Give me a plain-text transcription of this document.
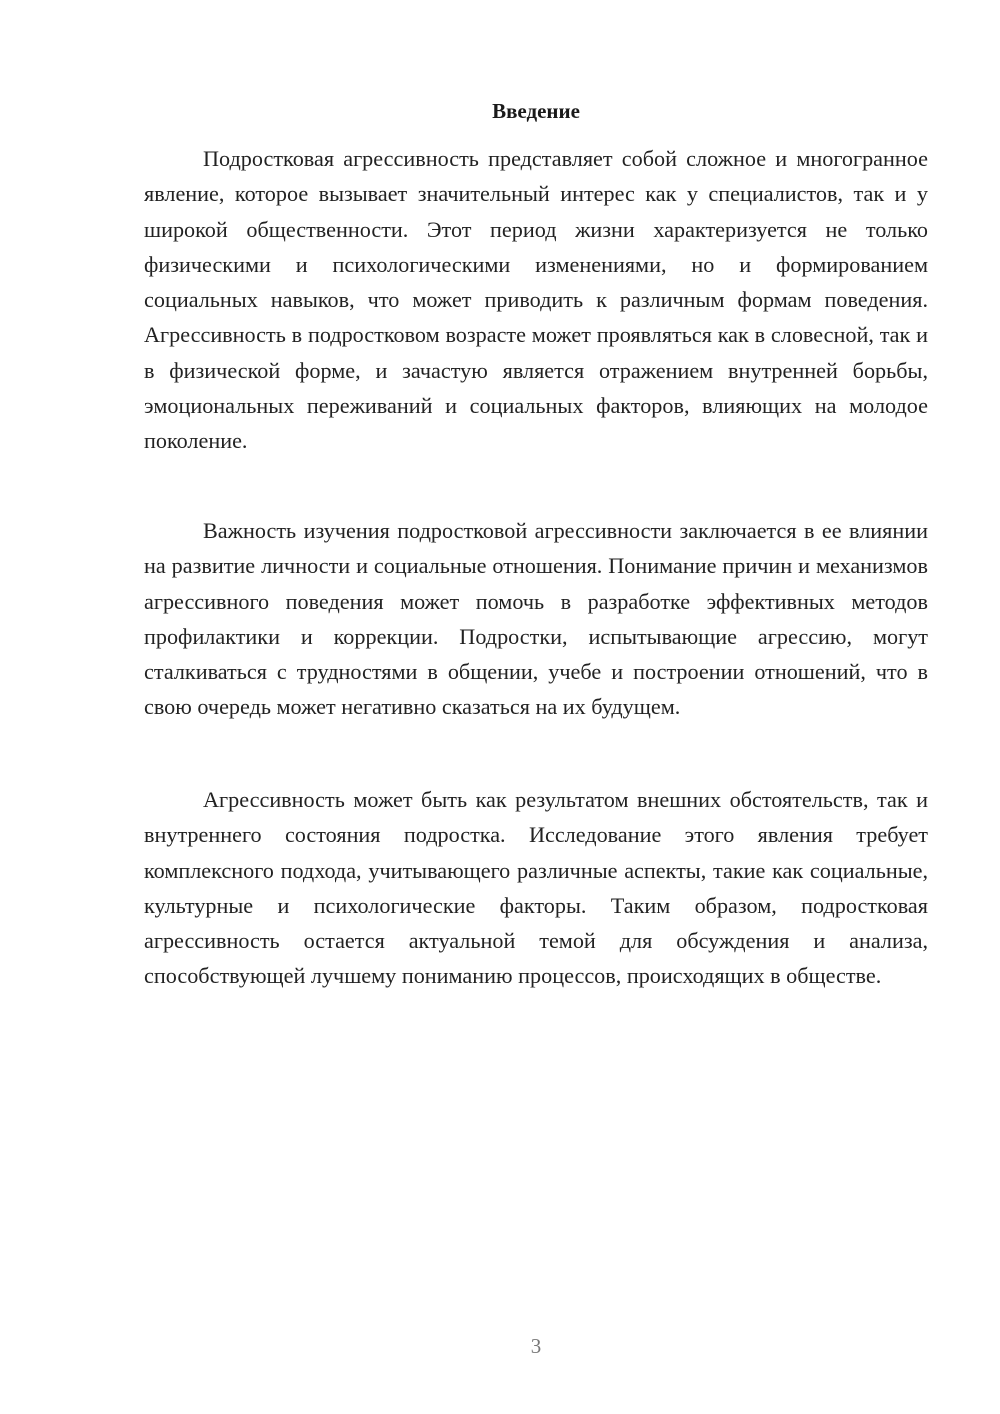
Введение

Подростковая агрессивность представляет собой сложное и многогранное явление, которое вызывает значительный интерес как у специалистов, так и у широкой общественности. Этот период жизни характеризуется не только физическими и психологическими изменениями, но и формированием социальных навыков, что может приводить к различным формам поведения. Агрессивность в подростковом возрасте может проявляться как в словесной, так и в физической форме, и зачастую является отражением внутренней борьбы, эмоциональных переживаний и социальных факторов, влияющих на молодое поколение.

Важность изучения подростковой агрессивности заключается в ее влиянии на развитие личности и социальные отношения. Понимание причин и механизмов агрессивного поведения может помочь в разработке эффективных методов профилактики и коррекции. Подростки, испытывающие агрессию, могут сталкиваться с трудностями в общении, учебе и построении отношений, что в свою очередь может негативно сказаться на их будущем.

Агрессивность может быть как результатом внешних обстоятельств, так и внутреннего состояния подростка. Исследование этого явления требует комплексного подхода, учитывающего различные аспекты, такие как социальные, культурные и психологические факторы. Таким образом, подростковая агрессивность остается актуальной темой для обсуждения и анализа, способствующей лучшему пониманию процессов, происходящих в обществе.

3
